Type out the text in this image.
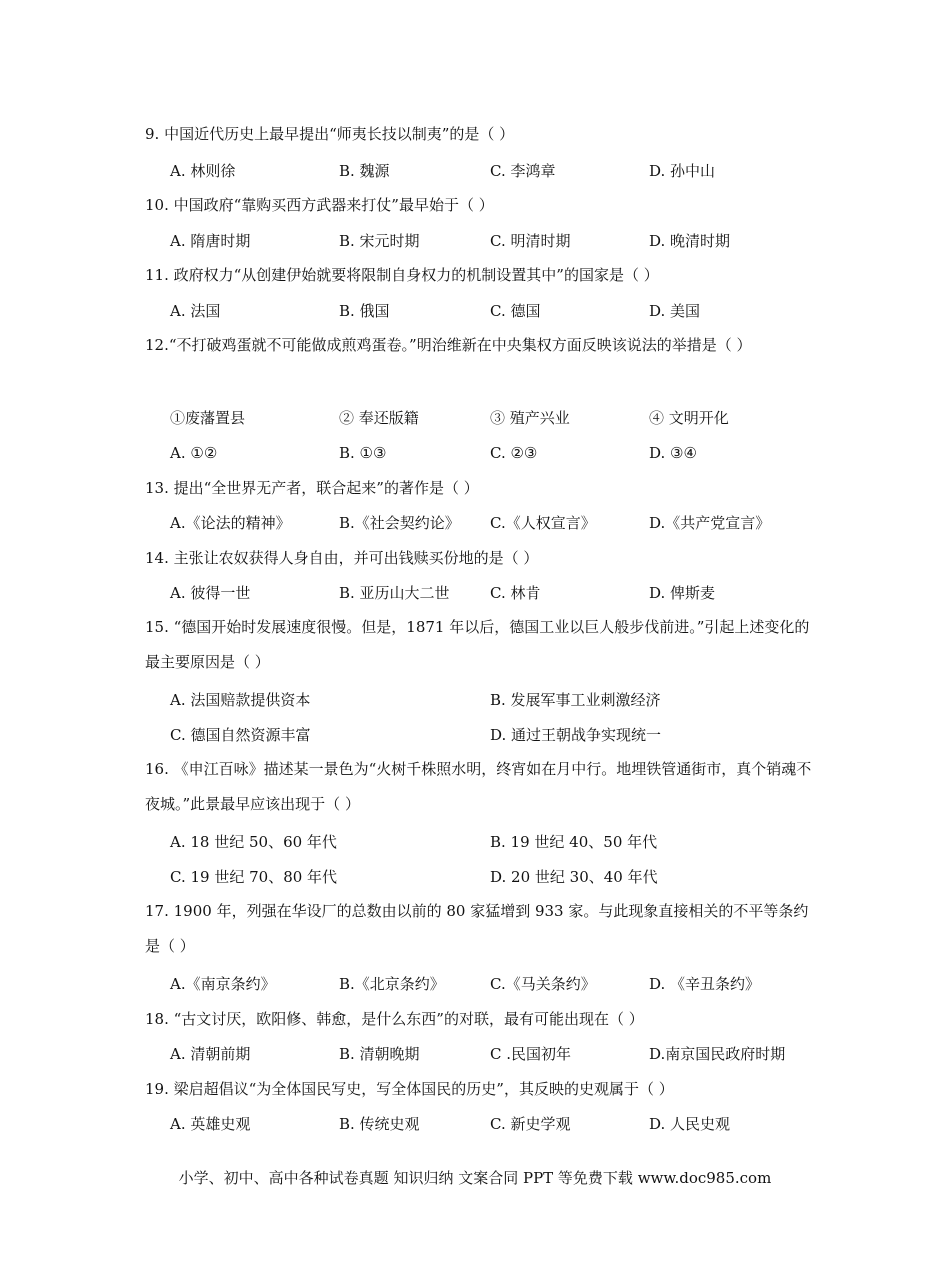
9. 中国近代历史上最早提出“师夷长技以制夷”的是（ ）
A. 林则徐	B. 魏源	C. 李鸿章	D. 孙中山
10. 中国政府“靠购买西方武器来打仗”最早始于（ ）
A. 隋唐时期	B. 宋元时期	C. 明清时期	D. 晚清时期
11. 政府权力“从创建伊始就要将限制自身权力的机制设置其中”的国家是（ ）
A. 法国	B. 俄国	C. 德国	D. 美国
12.“不打破鸡蛋就不可能做成煎鸡蛋卷。”明治维新在中央集权方面反映该说法的举措是（ ）
①废藩置县	② 奉还版籍	③ 殖产兴业	④ 文明开化
A. ①②	B. ①③	C. ②③	D. ③④
13. 提出“全世界无产者，联合起来”的著作是（ ）
A.《论法的精神》	B.《社会契约论》 C.《人权宣言》	D.《共产党宣言》
14. 主张让农奴获得人身自由，并可出钱赎买份地的是（ ）
A. 彼得一世	B. 亚历山大二世	C. 林肯	D. 俾斯麦
15. “德国开始时发展速度很慢。但是，1871 年以后，德国工业以巨人般步伐前进。”引起上述变化的最主要原因是（ ）
A. 法国赔款提供资本	B. 发展军事工业刺激经济
C. 德国自然资源丰富	D. 通过王朝战争实现统一
16. 《申江百咏》描述某一景色为“火树千株照水明，终宵如在月中行。地埋铁管通街市，真个销魂不夜城。”此景最早应该出现于（ ）
A. 18 世纪 50、60 年代	B. 19 世纪 40、50 年代
C. 19 世纪 70、80 年代	D. 20 世纪 30、40 年代
17. 1900 年，列强在华设厂的总数由以前的 80 家猛增到 933 家。与此现象直接相关的不平等条约是（ ）
A.《南京条约》	B.《北京条约》	C.《马关条约》	D. 《辛丑条约》
18. “古文讨厌，欧阳修、韩愈，是什么东西”的对联，最有可能出现在（ ）
A. 清朝前期	B. 清朝晚期	C .民国初年	D.南京国民政府时期
19. 梁启超倡议“为全体国民写史，写全体国民的历史”，其反映的史观属于（ ）
A. 英雄史观	B. 传统史观	C. 新史学观	D. 人民史观
小学、初中、高中各种试卷真题 知识归纳 文案合同 PPT 等免费下载 www.doc985.com
